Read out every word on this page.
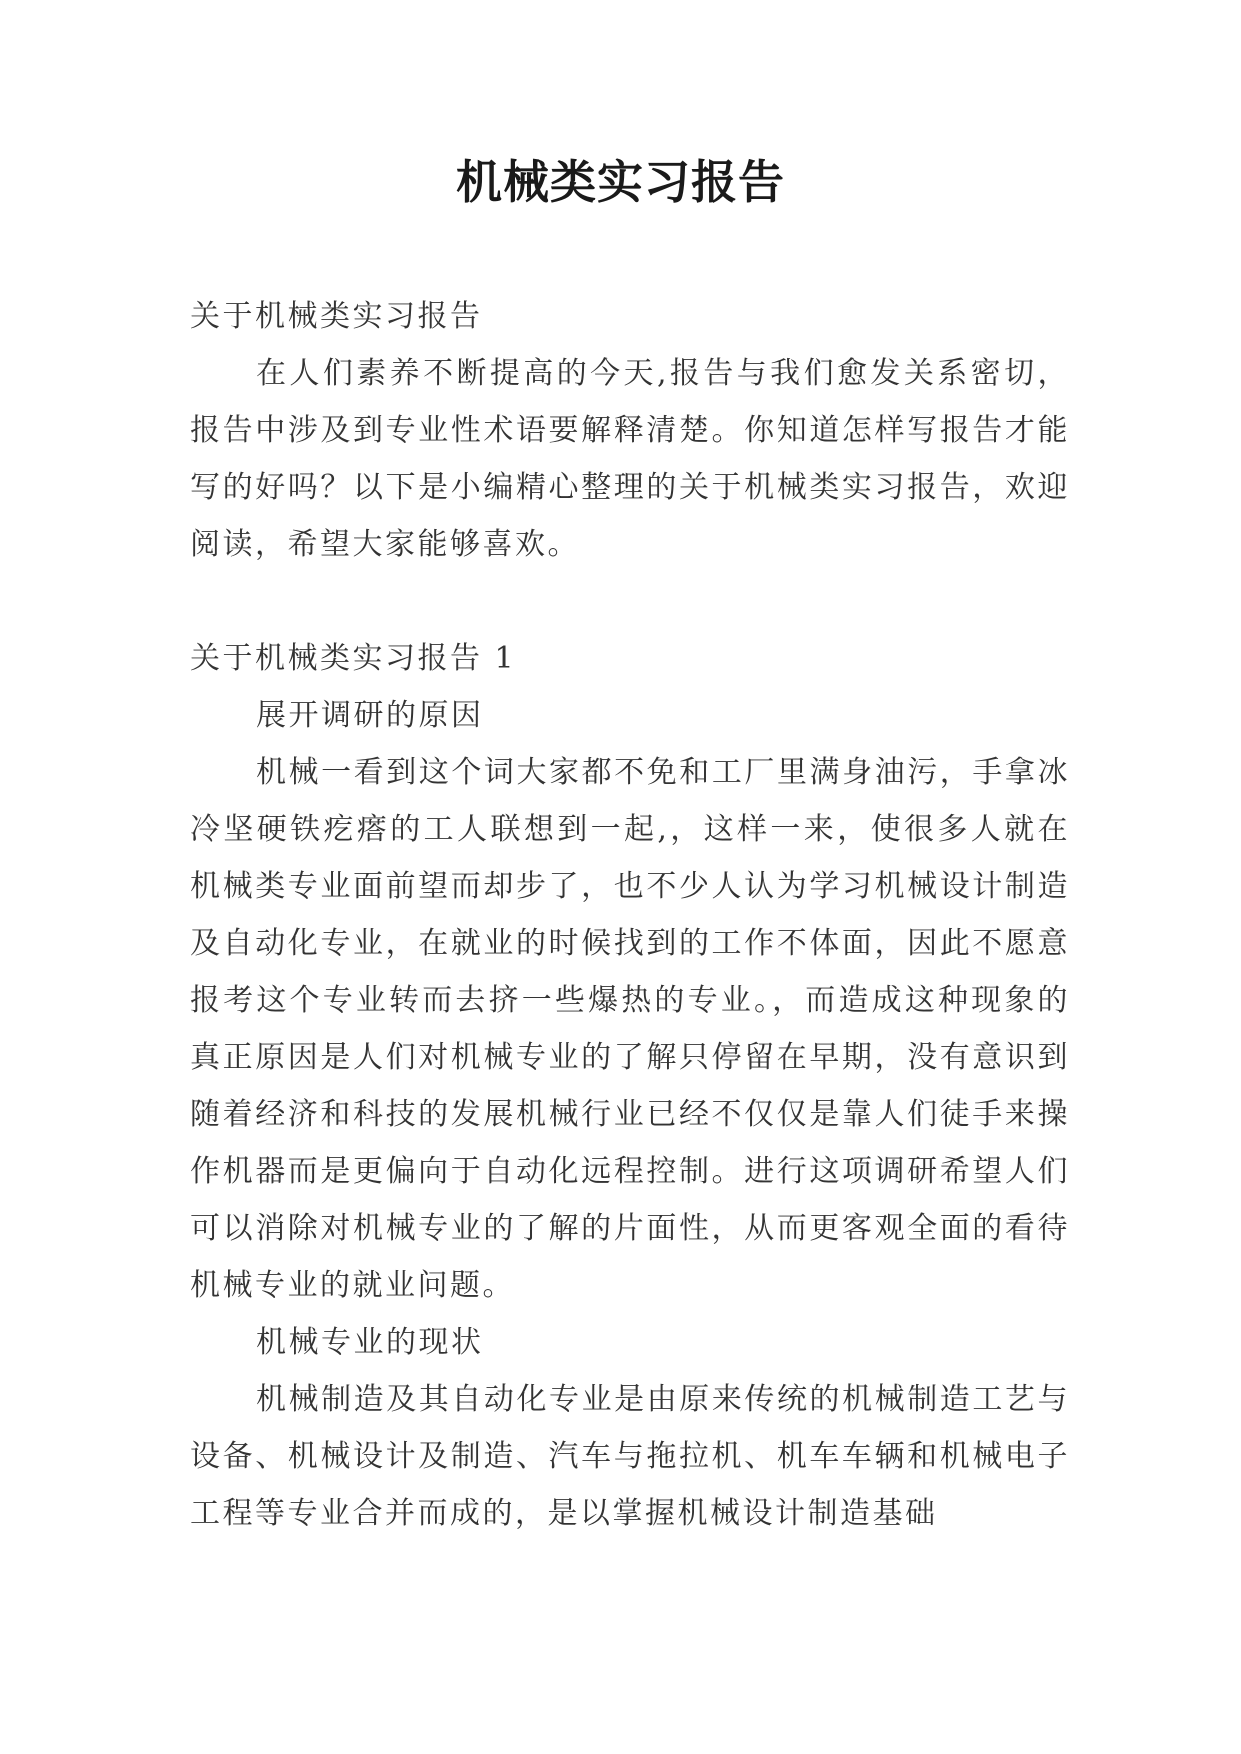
机械类实习报告

关于机械类实习报告

在人们素养不断提高的今天,报告与我们愈发关系密切，报告中涉及到专业性术语要解释清楚。你知道怎样写报告才能写的好吗？以下是小编精心整理的关于机械类实习报告，欢迎阅读，希望大家能够喜欢。

关于机械类实习报告 1

展开调研的原因

机械一看到这个词大家都不免和工厂里满身油污，手拿冰冷坚硬铁疙瘩的工人联想到一起,，这样一来，使很多人就在机械类专业面前望而却步了，也不少人认为学习机械设计制造及自动化专业，在就业的时候找到的工作不体面，因此不愿意报考这个专业转而去挤一些爆热的专业。，而造成这种现象的真正原因是人们对机械专业的了解只停留在早期，没有意识到随着经济和科技的发展机械行业已经不仅仅是靠人们徒手来操作机器而是更偏向于自动化远程控制。进行这项调研希望人们可以消除对机械专业的了解的片面性，从而更客观全面的看待机械专业的就业问题。

机械专业的现状

机械制造及其自动化专业是由原来传统的机械制造工艺与设备、机械设计及制造、汽车与拖拉机、机车车辆和机械电子工程等专业合并而成的，是以掌握机械设计制造基础
